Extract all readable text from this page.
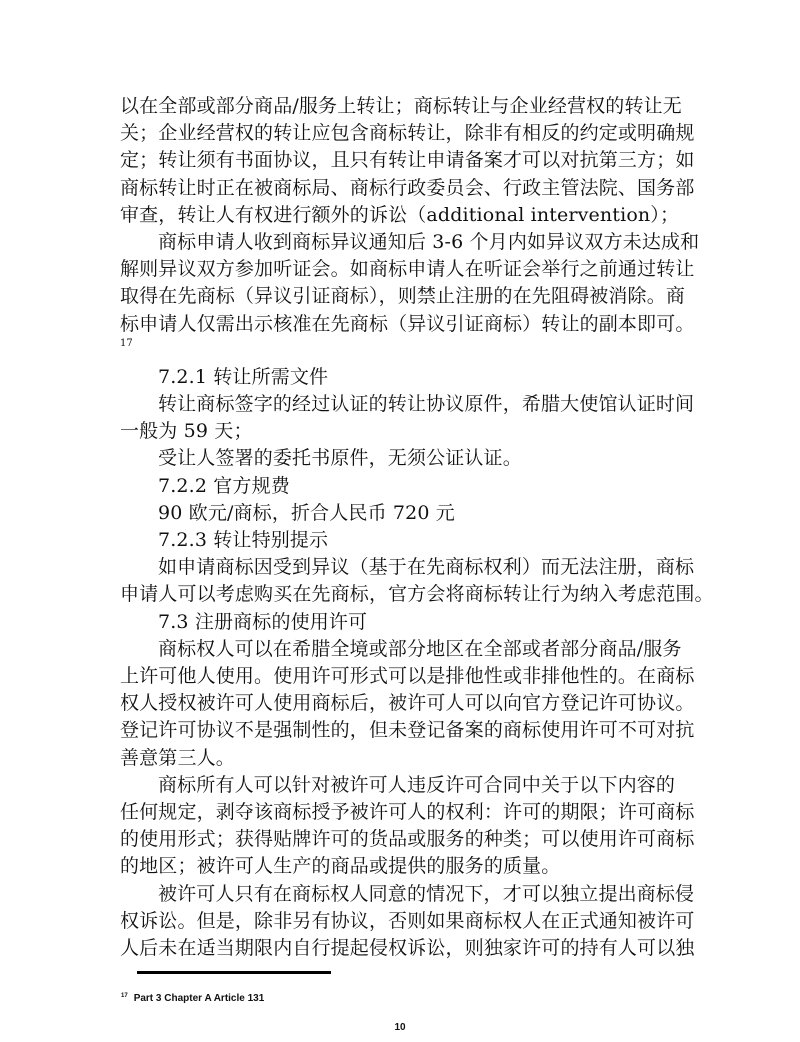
以在全部或部分商品/服务上转让；商标转让与企业经营权的转让无
关；企业经营权的转让应包含商标转让，除非有相反的约定或明确规
定；转让须有书面协议，且只有转让申请备案才可以对抗第三方；如
商标转让时正在被商标局、商标行政委员会、行政主管法院、国务部
审查，转让人有权进行额外的诉讼（additional intervention）；
商标申请人收到商标异议通知后 3-6 个月内如异议双方未达成和
解则异议双方参加听证会。如商标申请人在听证会举行之前通过转让
取得在先商标（异议引证商标），则禁止注册的在先阻碍被消除。商
标申请人仅需出示核准在先商标（异议引证商标）转让的副本即可。
17
7.2.1 转让所需文件
转让商标签字的经过认证的转让协议原件，希腊大使馆认证时间
一般为 59 天；
受让人签署的委托书原件，无须公证认证。
7.2.2 官方规费
90 欧元/商标，折合人民币 720 元
7.2.3 转让特别提示
如申请商标因受到异议（基于在先商标权利）而无法注册，商标
申请人可以考虑购买在先商标，官方会将商标转让行为纳入考虑范围。
7.3 注册商标的使用许可
商标权人可以在希腊全境或部分地区在全部或者部分商品/服务
上许可他人使用。使用许可形式可以是排他性或非排他性的。在商标
权人授权被许可人使用商标后，被许可人可以向官方登记许可协议。
登记许可协议不是强制性的，但未登记备案的商标使用许可不可对抗
善意第三人。
商标所有人可以针对被许可人违反许可合同中关于以下内容的
任何规定，剥夺该商标授予被许可人的权利：许可的期限；许可商标
的使用形式；获得贴牌许可的货品或服务的种类；可以使用许可商标
的地区；被许可人生产的商品或提供的服务的质量。
被许可人只有在商标权人同意的情况下，才可以独立提出商标侵
权诉讼。但是，除非另有协议，否则如果商标权人在正式通知被许可
人后未在适当期限内自行提起侵权诉讼，则独家许可的持有人可以独
$^{17}$ Part 3 Chapter A Article 131
10
